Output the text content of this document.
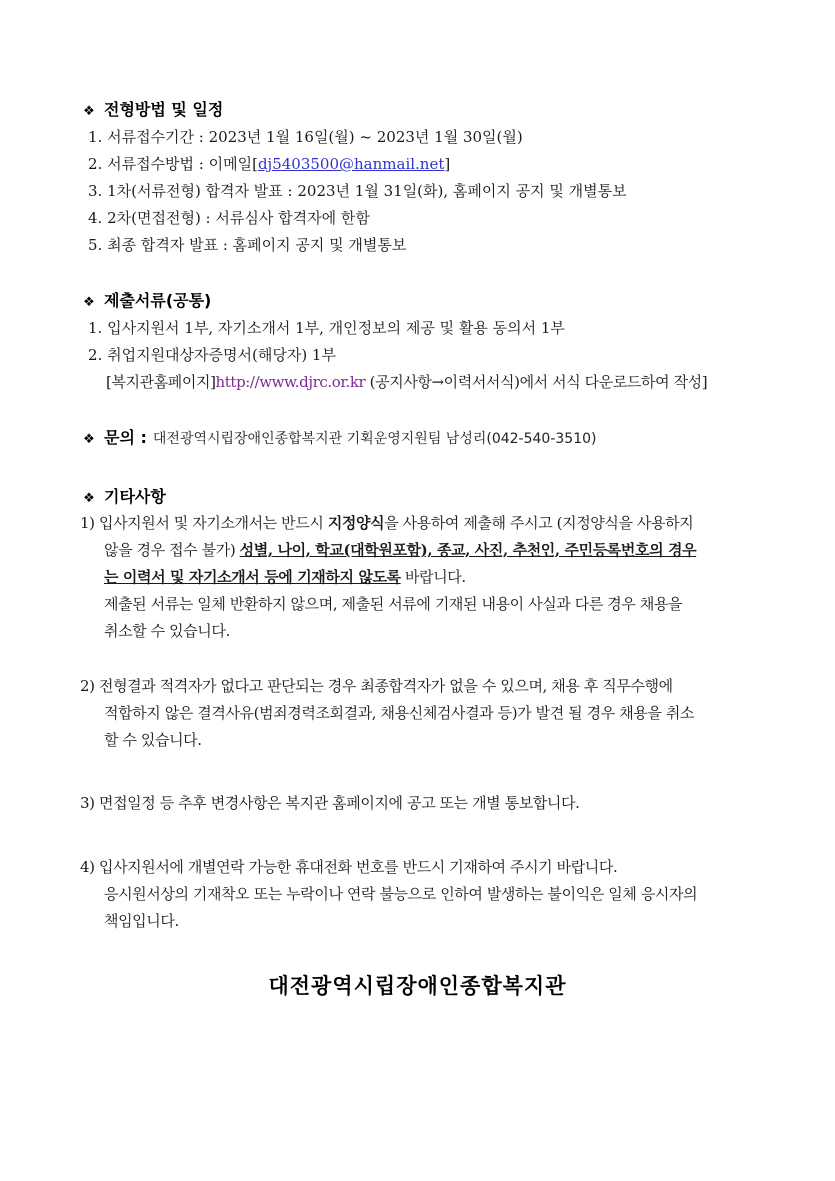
❖ 전형방법 및 일정
1. 서류접수기간 : 2023년 1월 16일(월) ~ 2023년 1월 30일(월)
2. 서류접수방법 : 이메일[dj5403500@hanmail.net]
3. 1차(서류전형) 합격자 발표 : 2023년 1월 31일(화), 홈페이지 공지 및 개별통보
4. 2차(면접전형) : 서류심사 합격자에 한함
5. 최종 합격자 발표 : 홈페이지 공지 및 개별통보
❖ 제출서류(공통)
1. 입사지원서 1부, 자기소개서 1부, 개인정보의 제공 및 활용 동의서 1부
2. 취업지원대상자증명서(해당자) 1부
[복지관홈페이지]http://www.djrc.or.kr (공지사항→이력서서식)에서 서식 다운로드하여 작성]
❖ 문의 : 대전광역시립장애인종합복지관 기획운영지원팀 남성리(042-540-3510)
❖ 기타사항
1) 입사지원서 및 자기소개서는 반드시 지정양식을 사용하여 제출해 주시고 (지정양식을 사용하지
않을 경우 접수 불가) 성별, 나이, 학교(대학원포함), 종교, 사진, 추천인, 주민등록번호의 경우
는 이력서 및 자기소개서 등에 기재하지 않도록 바랍니다.
제출된 서류는 일체 반환하지 않으며, 제출된 서류에 기재된 내용이 사실과 다른 경우 채용을
취소할 수 있습니다.
2) 전형결과 적격자가 없다고 판단되는 경우 최종합격자가 없을 수 있으며, 채용 후 직무수행에
적합하지 않은 결격사유(범죄경력조회결과, 채용신체검사결과 등)가 발견 될 경우 채용을 취소
할 수 있습니다.
3) 면접일정 등 추후 변경사항은 복지관 홈페이지에 공고 또는 개별 통보합니다.
4) 입사지원서에 개별연락 가능한 휴대전화 번호를 반드시 기재하여 주시기 바랍니다.
응시원서상의 기재착오 또는 누락이나 연락 불능으로 인하여 발생하는 불이익은 일체 응시자의
책임입니다.
대전광역시립장애인종합복지관
